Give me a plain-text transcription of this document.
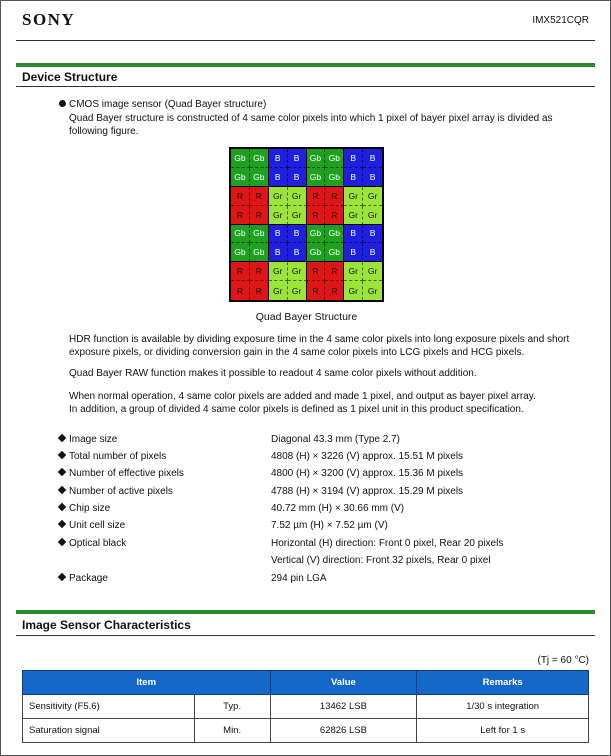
SONY	IMX521CQR
Device Structure
CMOS image sensor (Quad Bayer structure)
Quad Bayer structure is constructed of 4 same color pixels into which 1 pixel of bayer pixel array is divided as
following figure.
Gb Gb	B	B	Gb Gb	B	B
Gb Gb	B	B	Gb Gb	B	B
R	R	Gr	Gr	R	R	Gr	Gr
R	R	Gr	Gr	R	R	Gr	Gr
Gb Gb	B	B	Gb Gb	B	B
Gb Gb	B	B	Gb Gb	B	B
R	R	Gr	Gr	R	R	Gr	Gr
R	R	Gr	Gr	R	R	Gr	Gr
Quad Bayer Structure
HDR function is available by dividing exposure time in the 4 same color pixels into long exposure pixels and short
exposure pixels, or dividing conversion gain in the 4 same color pixels into LCG pixels and HCG pixels.
Quad Bayer RAW function makes it possible to readout 4 same color pixels without addition.
When normal operation, 4 same color pixels are added and made 1 pixel, and output as bayer pixel array.
In addition, a group of divided 4 same color pixels is defined as 1 pixel unit in this product specification.
Image size	Diagonal 43.3 mm (Type 2.7)
Total number of pixels	4808 (H) × 3226 (V) approx. 15.51 M pixels
Number of effective pixels	4800 (H) × 3200 (V) approx. 15.36 M pixels
Number of active pixels	4788 (H) × 3194 (V) approx. 15.29 M pixels
Chip size	40.72 mm (H) × 30.66 mm (V)
Unit cell size	7.52 µm (H) × 7.52 µm (V)
Optical black	Horizontal (H) direction: Front 0 pixel, Rear 20 pixels
Vertical (V) direction: Front 32 pixels, Rear 0 pixel
Package	294 pin LGA
Image Sensor Characteristics
(Tj = 60 °C)
Item		Value	Remarks
Sensitivity (F5.6)	Typ.	13462 LSB	1/30 s integration
Saturation signal	Min.	62826 LSB	Left for 1 s
